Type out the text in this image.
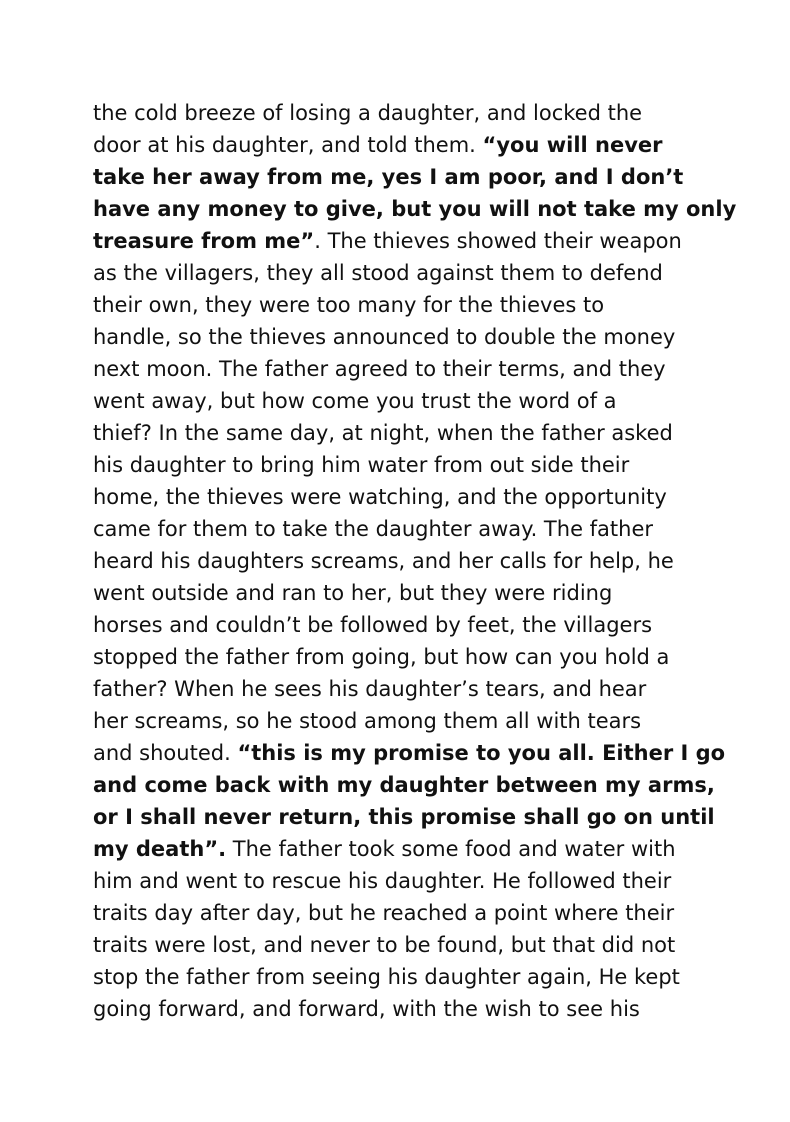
the cold breeze of losing a daughter, and locked the
door at his daughter, and told them. “you will never
take her away from me, yes I am poor, and I don’t
have any money to give, but you will not take my only
treasure from me”. The thieves showed their weapon
as the villagers, they all stood against them to defend
their own, they were too many for the thieves to
handle, so the thieves announced to double the money
next moon. The father agreed to their terms, and they
went away, but how come you trust the word of a
thief? In the same day, at night, when the father asked
his daughter to bring him water from out side their
home, the thieves were watching, and the opportunity
came for them to take the daughter away. The father
heard his daughters screams, and her calls for help, he
went outside and ran to her, but they were riding
horses and couldn’t be followed by feet, the villagers
stopped the father from going, but how can you hold a
father? When he sees his daughter’s tears, and hear
her screams, so he stood among them all with tears
and shouted. “this is my promise to you all. Either I go
and come back with my daughter between my arms,
or I shall never return, this promise shall go on until
my death”. The father took some food and water with
him and went to rescue his daughter. He followed their
traits day after day, but he reached a point where their
traits were lost, and never to be found, but that did not
stop the father from seeing his daughter again, He kept
going forward, and forward, with the wish to see his
